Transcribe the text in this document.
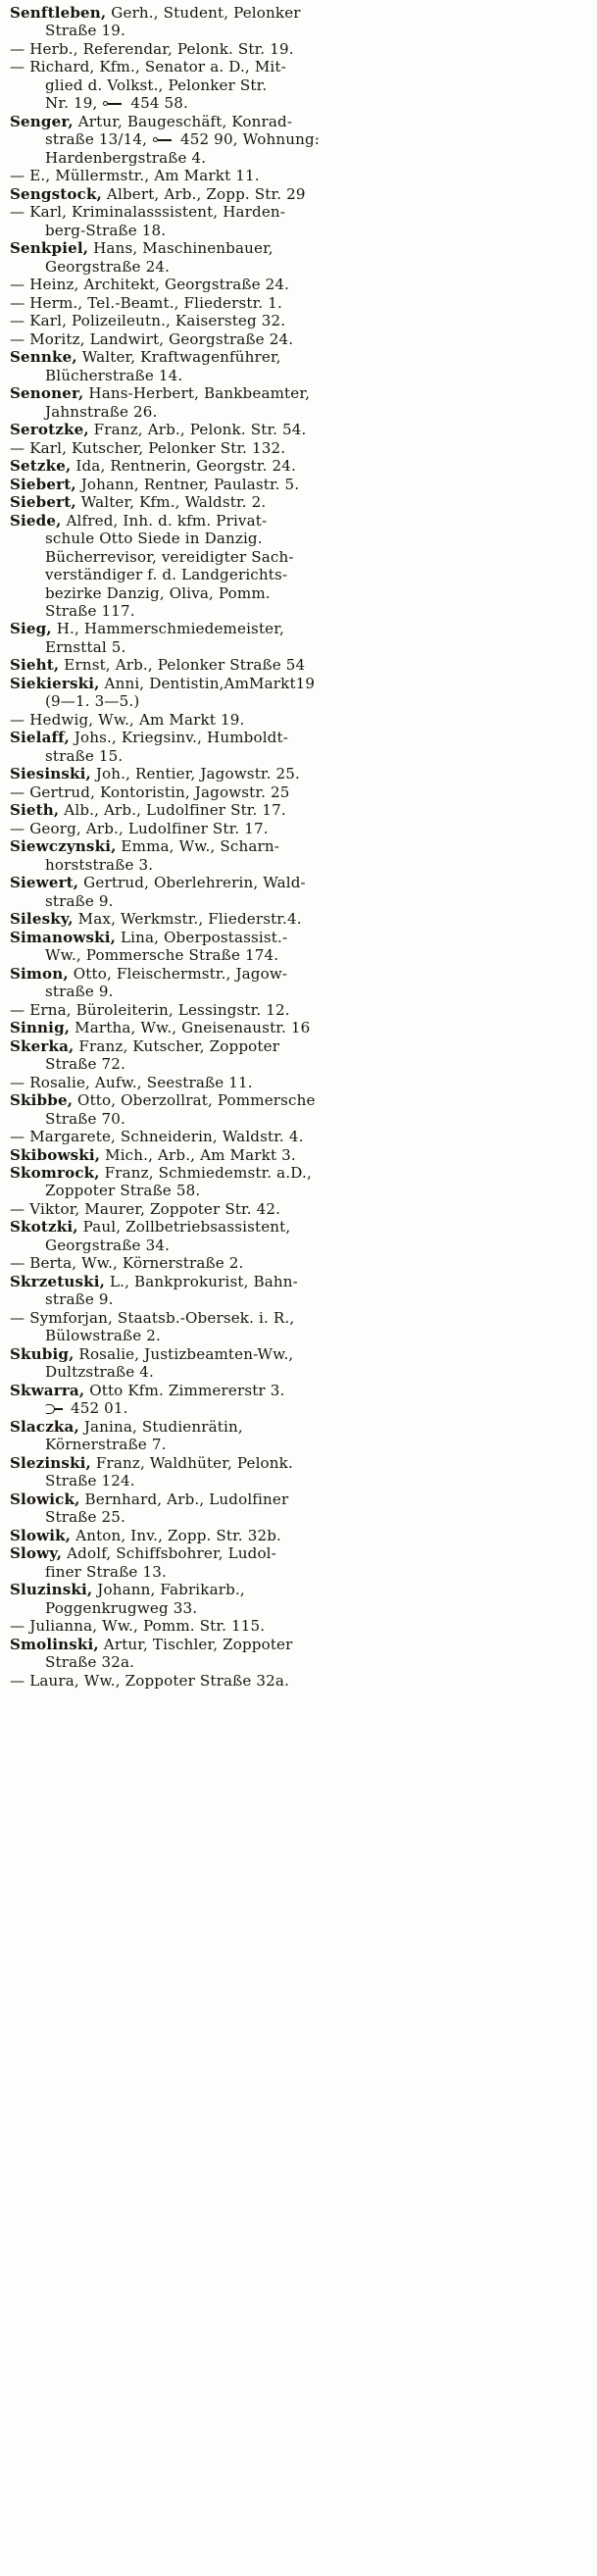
Senftleben, Gerh., Student, Pelonker
Straße 19.
— Herb., Referendar, Pelonk. Str. 19.
— Richard, Kfm., Senator a. D., Mit-
glied d. Volkst., Pelonker Str.
Nr. 19,  454 58.
Senger, Artur, Baugeschäft, Konrad-
straße 13/14,  452 90, Wohnung:
Hardenbergstraße 4.
— E., Müllermstr., Am Markt 11.
Sengstock, Albert, Arb., Zopp. Str. 29
— Karl, Kriminalasssistent, Harden-
berg-Straße 18.
Senkpiel, Hans, Maschinenbauer,
Georgstraße 24.
— Heinz, Architekt, Georgstraße 24.
— Herm., Tel.-Beamt., Fliederstr. 1.
— Karl, Polizeileutn., Kaisersteg 32.
— Moritz, Landwirt, Georgstraße 24.
Sennke, Walter, Kraftwagenführer,
Blücherstraße 14.
Senoner, Hans-Herbert, Bankbeamter,
Jahnstraße 26.
Serotzke, Franz, Arb., Pelonk. Str. 54.
— Karl, Kutscher, Pelonker Str. 132.
Setzke, Ida, Rentnerin, Georgstr. 24.
Siebert, Johann, Rentner, Paulastr. 5.
Siebert, Walter, Kfm., Waldstr. 2.
Siede, Alfred, Inh. d. kfm. Privat-
schule Otto Siede in Danzig.
Bücherrevisor, vereidigter Sach-
verständiger f. d. Landgerichts-
bezirke Danzig, Oliva, Pomm.
Straße 117.
Sieg, H., Hammerschmiedemeister,
Ernsttal 5.
Sieht, Ernst, Arb., Pelonker Straße 54
Siekierski, Anni, Dentistin,AmMarkt19
(9—1. 3—5.)
— Hedwig, Ww., Am Markt 19.
Sielaff, Johs., Kriegsinv., Humboldt-
straße 15.
Siesinski, Joh., Rentier, Jagowstr. 25.
— Gertrud, Kontoristin, Jagowstr. 25
Sieth, Alb., Arb., Ludolfiner Str. 17.
— Georg, Arb., Ludolfiner Str. 17.
Siewczynski, Emma, Ww., Scharn-
horststraße 3.
Siewert, Gertrud, Oberlehrerin, Wald-
straße 9.
Silesky, Max, Werkmstr., Fliederstr.4.
Simanowski, Lina, Oberpostassist.-
Ww., Pommersche Straße 174.
Simon, Otto, Fleischermstr., Jagow-
straße 9.
— Erna, Büroleiterin, Lessingstr. 12.
Sinnig, Martha, Ww., Gneisenaustr. 16
Skerka, Franz, Kutscher, Zoppoter
Straße 72.
— Rosalie, Aufw., Seestraße 11.
Skibbe, Otto, Oberzollrat, Pommersche
Straße 70.
— Margarete, Schneiderin, Waldstr. 4.
Skibowski, Mich., Arb., Am Markt 3.
Skomrock, Franz, Schmiedemstr. a.D.,
Zoppoter Straße 58.
— Viktor, Maurer, Zoppoter Str. 42.
Skotzki, Paul, Zollbetriebsassistent,
Georgstraße 34.
— Berta, Ww., Körnerstraße 2.
Skrzetuski, L., Bankprokurist, Bahn-
straße 9.
— Symforjan, Staatsb.-Obersek. i. R.,
Bülowstraße 2.
Skubig, Rosalie, Justizbeamten-Ww.,
Dultzstraße 4.
Skwarra, Otto Kfm. Zimmererstr 3.
452 01.
Slaczka, Janina, Studienrätin,
Körnerstraße 7.
Slezinski, Franz, Waldhüter, Pelonk.
Straße 124.
Slowick, Bernhard, Arb., Ludolfiner
Straße 25.
Slowik, Anton, Inv., Zopp. Str. 32b.
Slowy, Adolf, Schiffsbohrer, Ludol-
finer Straße 13.
Sluzinski, Johann, Fabrikarb.,
Poggenkrugweg 33.
— Julianna, Ww., Pomm. Str. 115.
Smolinski, Artur, Tischler, Zoppoter
Straße 32a.
— Laura, Ww., Zoppoter Straße 32a.
